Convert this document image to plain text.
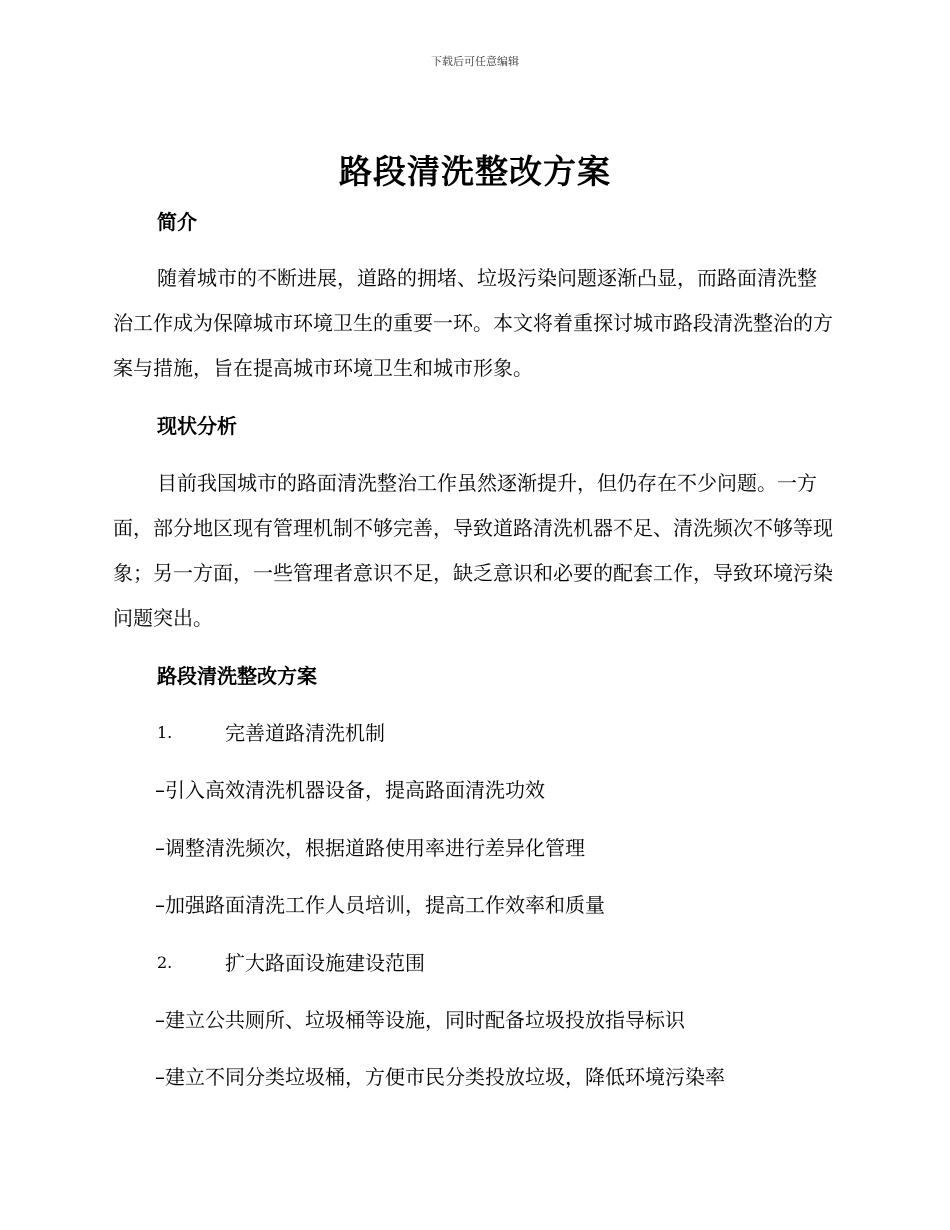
下载后可任意编辑
路段清洗整改方案
简介

随着城市的不断进展，道路的拥堵、垃圾污染问题逐渐凸显，而路面清洗整治工作成为保障城市环境卫生的重要一环。本文将着重探讨城市路段清洗整治的方案与措施，旨在提高城市环境卫生和城市形象。

现状分析

目前我国城市的路面清洗整治工作虽然逐渐提升，但仍存在不少问题。一方面，部分地区现有管理机制不够完善，导致道路清洗机器不足、清洗频次不够等现象；另一方面，一些管理者意识不足，缺乏意识和必要的配套工作，导致环境污染问题突出。

路段清洗整改方案
1.	完善道路清洗机制
–引入高效清洗机器设备，提高路面清洗功效
–调整清洗频次，根据道路使用率进行差异化管理
–加强路面清洗工作人员培训，提高工作效率和质量
2.	扩大路面设施建设范围
–建立公共厕所、垃圾桶等设施，同时配备垃圾投放指导标识
–建立不同分类垃圾桶，方便市民分类投放垃圾，降低环境污染率
